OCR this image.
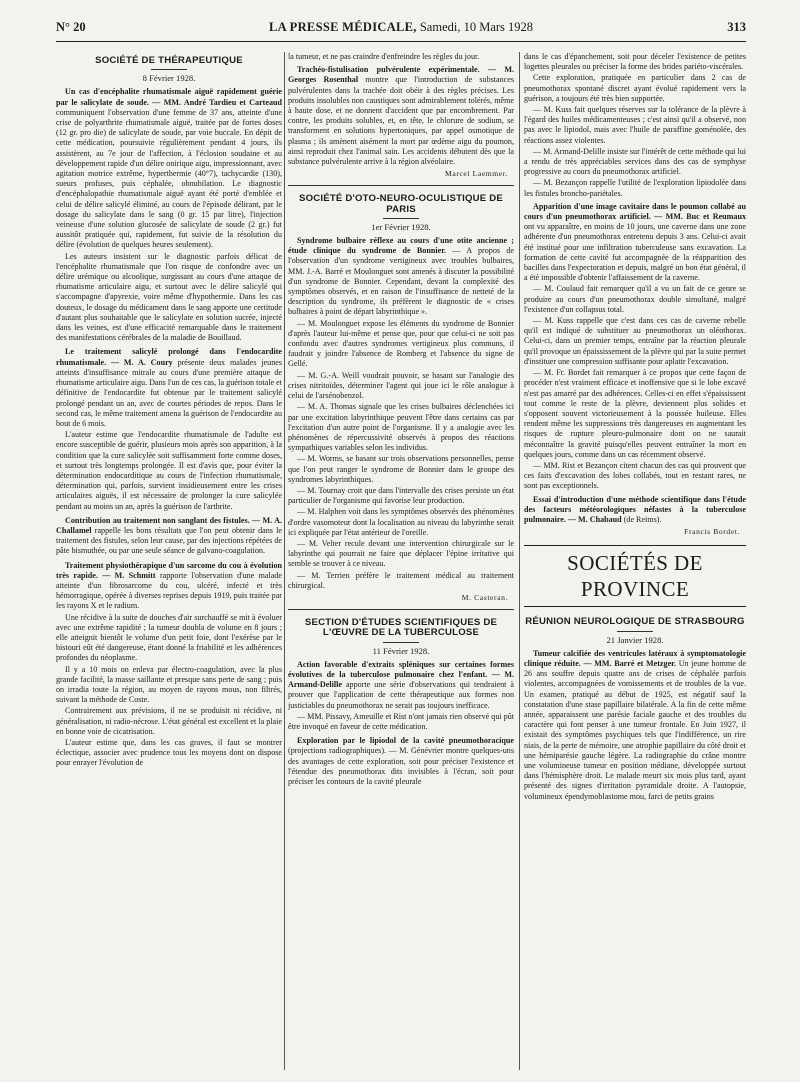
N° 20	LA PRESSE MÉDICALE, Samedi, 10 Mars 1928	313
SOCIÉTÉ DE THÉRAPEUTIQUE
8 Février 1928.

Un cas d'encéphalite rhumatismale aiguë rapidement guérie par le salicylate de soude. — MM. André Tardieu et Carteaud communiquent l'observation d'une femme de 37 ans, atteinte d'une crise de polyarthrite rhumatismale aiguë, traitée par de fortes doses (12 gr. pro die) de salicylate de soude, par voie buccale. En dépit de cette médication, poursuivie régulièrement pendant 4 jours, ils assistèrent, au 7e jour de l'affection, à l'éclosion soudaine et au développement rapide d'un délire onirique aigu, impressionnant, avec agitation motrice extrême, hyperthermie (40°7), tachycardie (130), sueurs profuses, puis céphalée, obnubilation. Le diagnostic d'encéphalopathie rhumatismale aiguë ayant été porté d'emblée et celui de délire salicylé éliminé, au cours de l'épisode délirant, par le dosage du salicylate dans le sang (0 gr. 15 par litre), l'injection veineuse d'une solution glucosée de salicylate de soude (2 gr.) fut aussitôt pratiquée qui, rapidement, fut suivie de la résolution du délire (évolution de quelques heures seulement).

Les auteurs insistent sur le diagnostic parfois délicat de l'encéphalite rhumatismale que l'on risque de confondre avec un délire urémique ou alcoolique, surgissant au cours d'une attaque de rhumatisme articulaire aigu, et surtout avec le délire salicylé qui s'accompagne d'apyrexie, voire même d'hypothermie. Dans les cas douteux, le dosage du médicament dans le sang apporte une certitude d'autant plus souhaitable que le salicylate en solution sucrée, injecté dans les veines, est d'une efficacité remarquable dans le traitement des manifestations cérébrales de la maladie de Bouillaud.

Le traitement salicylé prolongé dans l'endocardite rhumatismale. — M. A. Coury présente deux malades jeunes atteints d'insuffisance mitrale au cours d'une première attaque de rhumatisme articulaire aigu. Dans l'un de ces cas, la guérison totale et définitive de l'endocardite fut obtenue par le traitement salicylé prolongé pendant un an, avec de courtes périodes de repos. Dans le second cas, le même traitement amena la guérison de l'endocardite au bout de 6 mois.

L'auteur estime que l'endocardite rhumatismale de l'adulte est encore susceptible de guérir, plusieurs mois après son apparition, à la condition que la cure salicylée soit suffisamment forte comme doses, et surtout très longtemps prolongée. Il est d'avis que, pour éviter la détermination endocarditique au cours de l'infection rhumatismale, détermination qui, parfois, survient insidieusement entre les crises articulaires aiguës, il est nécessaire de prolonger la cure salicylée pendant au moins un an, après la guérison de l'arthrite.

Contribution au traitement non sanglant des fistules. — M. A. Challamel rappelle les bons résultats que l'on peut obtenir dans le traitement des fistules, selon leur cause, par des injections répétées de pâte bismuthée, ou par une seule séance de galvano-coagulation.

Traitement physiothérapique d'un sarcome du cou à évolution très rapide. — M. Schmitt rapporte l'observation d'une malade atteinte d'un fibrosarcome du cou, ulcéré, infecté et très hémorragique, opérée à diverses reprises depuis 1919, puis traitée par les rayons X et le radium.

Une récidive à la suite de douches d'air surchauffé se mit à évoluer avec une extrême rapidité ; la tumeur doubla de volume en 8 jours ; elle atteignit bientôt le volume d'un petit foie, dont l'exérèse par le bistouri eût été dangereuse, étant donné la friabilité et les adhérences profondes du néoplasme.

Il y a 10 mois on enleva par électro-coagulation, avec la plus grande facilité, la masse saillante et presque sans perte de sang ; puis on irradia toute la région, au moyen de rayons mous, non filtrés, suivant la méthode de Coste.

Contrairement aux prévisions, il ne se produisit ni récidive, ni généralisation, ni radio-nécrose. L'état général est excellent et la plaie en bonne voie de cicatrisation.

L'auteur estime que, dans les cas graves, il faut se montrer éclectique, associer avec prudence tous les moyens dont on dispose pour enrayer l'évolution de

la tumeur, et ne pas craindre d'enfreindre les règles du jour.

Trachéo-fistulisation pulvérulente expérimentale. — M. Georges Rosenthal montre que l'introduction de substances pulvérulentes dans la trachée doit obéir à des règles précises. Les produits insolubles non caustiques sont admirablement tolérés, même à haute dose, et ne donnent d'accident que par encombrement. Par contre, les produits solubles, et, en tête, le chlorure de sodium, se transforment en solutions hypertoniques, par appel osmotique de plasma ; ils amènent aisément la mort par œdème aigu du poumon, ainsi reproduit chez l'animal sain. Les accidents débutent dès que la substance pulvérulente arrive à la région alvéolaire.

Marcel Laemmer.
SOCIÉTÉ D'OTO-NEURO-OCULISTIQUE DE PARIS
1er Février 1928.

Syndrome bulbaire réflexe au cours d'une otite ancienne ; étude clinique du syndrome de Bonnier. — A propos de l'observation d'un syndrome vertigineux avec troubles bulbaires, MM. J.-A. Barré et Moulonguet sont amenés à discuter la possibilité d'un syndrome de Bonnier. Cependant, devant la complexité des symptômes observés, et en raison de l'insuffisance de netteté de la description du syndrome, ils préfèrent le diagnostic de « crises bulbaires à point de départ labyrinthique ».

— M. Moulonguet expose les éléments du syndrome de Bonnier d'après l'auteur lui-même et pense que, pour que celui-ci ne soit pas confondu avec d'autres syndromes vertigineux plus communs, il faudrait y joindre l'absence de Romberg et l'absence du signe de Gellé.

— M. G.-A. Weill voudrait pouvoir, se basant sur l'analogie des crises nitritoïdes, déterminer l'agent qui joue ici le rôle analogue à celui de l'arsénobenzol.

— M. A. Thomas signale que les crises bulbaires déclenchées ici par une excitation labyrinthique peuvent l'être dans certains cas par l'excitation d'un autre point de l'organisme. Il y a analogie avec les phénomènes de répercussivité observés à propos des réactions sympathiques variables selon les individus.

— M. Worms, se basant sur trois observations personnelles, pense que l'on peut ranger le syndrome de Bonnier dans le groupe des syndromes labyrinthiques.

— M. Tournay croit que dans l'intervalle des crises persiste un état particulier de l'organisme qui favorise leur production.

— M. Halphen voit dans les symptômes observés des phénomènes d'ordre vasomoteur dont la localisation au niveau du labyrinthe serait ici expliquée par l'état antérieur de l'oreille.

— M. Velter recule devant une intervention chirurgicale sur le labyrinthe qui pourrait ne faire que déplacer l'épine irritative qui semble se trouver à ce niveau.

— M. Terrien préfère le traitement médical au traitement chirurgical.

M. Casteran.
SECTION D'ÉTUDES SCIENTIFIQUES DE L'ŒUVRE DE LA TUBERCULOSE
11 Février 1928.

Action favorable d'extraits spléniques sur certaines formes évolutives de la tuberculose pulmonaire chez l'enfant. — M. Armand-Delille apporte une série d'observations qui tendraient à prouver que l'application de cette thérapeutique aux formes non justiciables du pneumothorax ne serait pas toujours inefficace.

— MM. Pissavy, Ameuille et Rist n'ont jamais rien observé qui pût être invoqué en faveur de cette médication.

Exploration par le lipiodol de la cavité pneumothoracique (projections radiographiques). — M. Génévrier montre quelques-uns des avantages de cette exploration, soit pour préciser l'existence et l'étendue des pneumothorax dits invisibles à l'écran, soit pour préciser les contours de la cavité pleurale

dans le cas d'épanchement, soit pour déceler l'existence de petites logettes pleurales ou préciser la forme des brides pariéto-viscérales.

Cette exploration, pratiquée en particulier dans 2 cas de pneumothorax spontané discret ayant évolué rapidement vers la guérison, a toujours été très bien supportée.

— M. Kuss fait quelques réserves sur la tolérance de la plèvre à l'égard des huiles médicamenteuses ; c'est ainsi qu'il a observé, non pas avec le lipiodol, mais avec l'huile de paraffine goménolée, des réactions assez violentes.

— M. Armand-Delille insiste sur l'intérêt de cette méthode qui lui a rendu de très appréciables services dans des cas de symphyse progressive au cours du pneumothorax artificiel.

— M. Bezançon rappelle l'utilité de l'exploration lipiodolée dans les fistules broncho-pariétales.

Apparition d'une image cavitaire dans le poumon collabé au cours d'un pneumothorax artificiel. — MM. Buc et Reumaux ont vu apparaître, en moins de 10 jours, une caverne dans une zone adhérente d'un pneumothorax entretenu depuis 3 ans. Celui-ci avait été institué pour une infiltration tuberculeuse sans excavation. La formation de cette cavité fut accompagnée de la réapparition des bacilles dans l'expectoration et depuis, malgré un bon état général, il a été impossible d'obtenir l'affaissement de la caverne.

— M. Coulaud fait remarquer qu'il a vu un fait de ce genre se produire au cours d'un pneumothorax double simultané, malgré l'existence d'un collapsus total.

— M. Kuss rappelle que c'est dans ces cas de caverne rebelle qu'il est indiqué de substituer au pneumothorax un oléothorax. Celui-ci, dans un premier temps, entraîne par la réaction pleurale qu'il provoque un épaississement de la plèvre qui par la suite permet d'instituer une compression suffisante pour aplatir l'excavation.

— M. Fr. Bordet fait remarquer à ce propos que cette façon de procéder n'est vraiment efficace et inoffensive que si le lobe excavé n'est pas amarré par des adhérences. Celles-ci en effet s'épaississent tout comme le reste de la plèvre, deviennent plus solides et s'opposent souvent victorieusement à la poussée huileuse. Elles rendent même les suppressions très dangereuses en augmentant les risques de rupture pleuro-pulmonaire dont on ne saurait méconnaître la gravité puisqu'elles peuvent entraîner la mort en quelques jours, comme dans un cas récemment observé.

— MM. Rist et Bezançon citent chacun des cas qui prouvent que ces faits d'excavation des lobes collabés, tout en restant rares, ne sont pas exceptionnels.

Essai d'introduction d'une méthode scientifique dans l'étude des facteurs météorologiques néfastes à la tuberculose pulmonaire. — M. Chabaud (de Reims).

Francis Bordet.
SOCIÉTÉS DE PROVINCE
RÉUNION NEUROLOGIQUE DE STRASBOURG
21 Janvier 1928.

Tumeur calcifiée des ventricules latéraux à symptomatologie clinique réduite. — MM. Barré et Metzger. Un jeune homme de 26 ans souffre depuis quatre ans de crises de céphalée parfois violentes, accompagnées de vomissements et de troubles de la vue. Un examen, pratiqué au début de 1925, est négatif sauf la constatation d'une stase papillaire bilatérale. A la fin de cette même année, apparaissent une parésie faciale gauche et des troubles du caractère qui font penser à une tumeur frontale. En Juin 1927, il existait des symptômes psychiques tels que l'indifférence, un rire niais, de la perte de mémoire, une atrophie papillaire du côté droit et une hémiparésie gauche légère. La radiographie du crâne montre une volumineuse tumeur en position médiane, développée surtout dans l'hémisphère droit. Le malade meurt six mois plus tard, ayant présenté des signes d'irritation pyramidale droite. A l'autopsie, volumineux épendymoblastome mou, farci de petits grains
